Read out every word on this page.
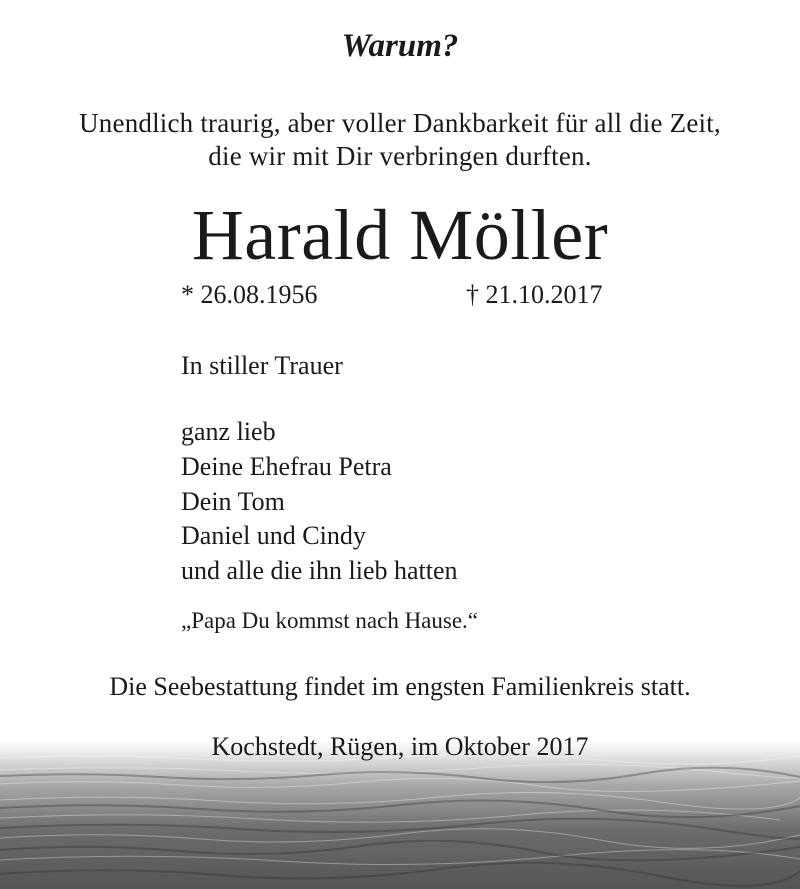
Warum?
Unendlich traurig, aber voller Dankbarkeit für all die Zeit,
die wir mit Dir verbringen durften.
Harald Möller
* 26.08.1956	† 21.10.2017
In stiller Trauer
ganz lieb
Deine Ehefrau Petra
Dein Tom
Daniel und Cindy
und alle die ihn lieb hatten
„Papa Du kommst nach Hause.“
Die Seebestattung findet im engsten Familienkreis statt.
Kochstedt, Rügen, im Oktober 2017
